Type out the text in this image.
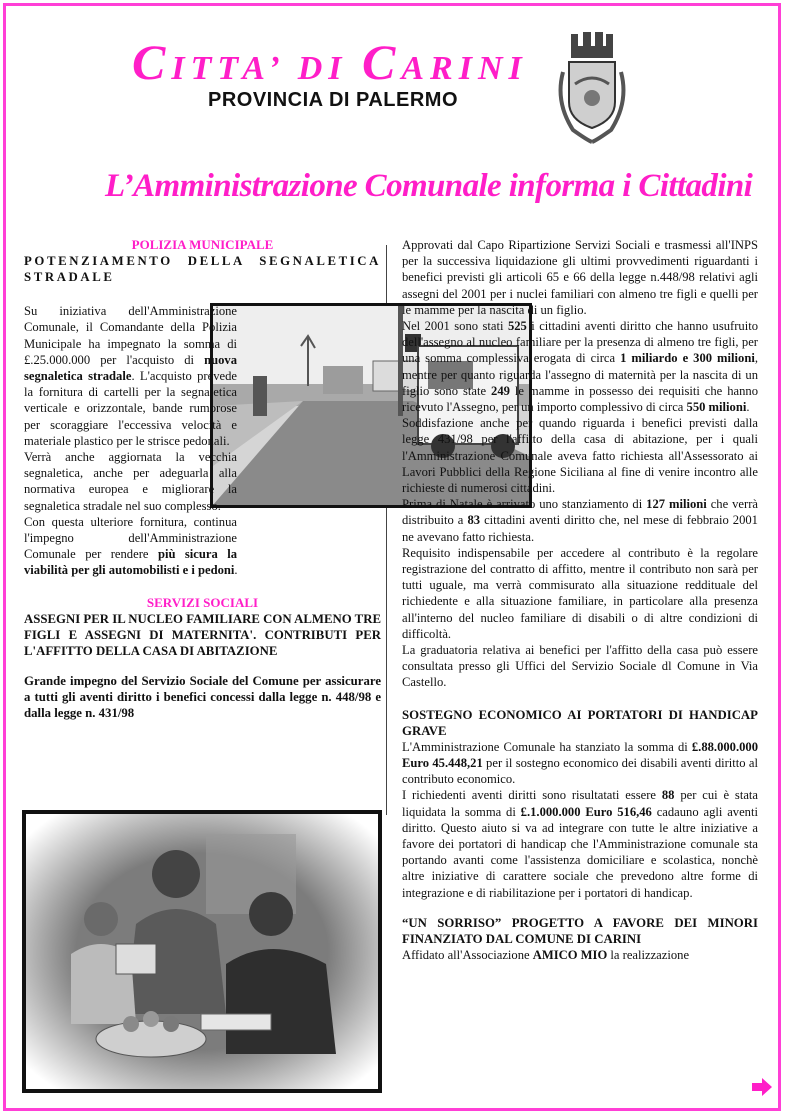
CITTA’ DI CARINI
PROVINCIA DI PALERMO
L’Amministrazione Comunale informa i Cittadini

POLIZIA MUNICIPALE

POTENZIAMENTO DELLA SEGNALETICA STRADALE

Su iniziativa dell'Amministrazione Comunale, il Comandante della Polizia Municipale ha impegnato la somma di £.25.000.000 per l'acquisto di nuova segnaletica stradale. L'acquisto prevede la fornitura di cartelli per la segnaletica verticale e orizzontale, bande rumorose per scoraggiare l'eccessiva velocità e materiale plastico per le strisce pedonali.

Verrà anche aggiornata la vecchia segnaletica, anche per adeguarla alla normativa europea e migliorare la segnaletica stradale nel suo complesso.

Con questa ulteriore fornitura, continua l'impegno dell'Amministrazione Comunale per rendere più sicura la viabilità per gli automobilisti e i pedoni.

SERVIZI SOCIALI

ASSEGNI PER IL NUCLEO FAMILIARE CON ALMENO TRE FIGLI E ASSEGNI DI MATERNITA'. CONTRIBUTI PER L'AFFITTO DELLA CASA DI ABITAZIONE

Grande impegno del Servizio Sociale del Comune per assicurare a tutti gli aventi diritto i benefici concessi dalla legge n. 448/98 e dalla legge n. 431/98

Approvati dal Capo Ripartizione Servizi Sociali e trasmessi all'INPS per la successiva liquidazione gli ultimi provvedimenti riguardanti i benefici previsti gli articoli 65 e 66 della legge n.448/98 relativi agli assegni del 2001 per i nuclei familiari con almeno tre figli e quelli per le mamme per la nascita di un figlio.

Nel 2001 sono stati 525 i cittadini aventi diritto che hanno usufruito dell'assegno al nucleo familiare per la presenza di almeno tre figli, per una somma complessiva erogata di circa 1 miliardo e 300 milioni, mentre per quanto riguarda l'assegno di maternità per la nascita di un figlio sono state 249 le mamme in possesso dei requisiti che hanno ricevuto l'Assegno, per un importo complessivo di circa 550 milioni.

Soddisfazione anche per quando riguarda i benefici previsti dalla legge 431/98 per l'affitto della casa di abitazione, per i quali l'Amministrazione Comunale aveva fatto richiesta all'Assessorato ai Lavori Pubblici della Regione Siciliana al fine di venire incontro alle richieste di numerosi cittadini.

Prima di Natale è arrivato uno stanziamento di 127 milioni che verrà distribuito a 83 cittadini aventi diritto che, nel mese di febbraio 2001 ne avevano fatto richiesta.

Requisito indispensabile per accedere al contributo è la regolare registrazione del contratto di affitto, mentre il contributo non sarà per tutti uguale, ma verrà commisurato alla situazione reddituale del richiedente e alla situazione familiare, in particolare alla presenza all'interno del nucleo familiare di disabili o di altre condizioni di difficoltà.

La graduatoria relativa ai benefici per l'affitto della casa può essere consultata presso gli Uffici del Servizio Sociale dl Comune in Via Castello.

SOSTEGNO ECONOMICO AI PORTATORI DI HANDICAP GRAVE

L'Amministrazione Comunale ha stanziato la somma di £.88.000.000 Euro 45.448,21 per il sostegno economico dei disabili aventi diritto al contributo economico.

I richiedenti aventi diritti sono risultatati essere 88 per cui è stata liquidata la somma di £.1.000.000 Euro 516,46 cadauno agli aventi diritto. Questo aiuto si va ad integrare con tutte le altre iniziative a favore dei portatori di handicap che l'Amministrazione comunale sta portando avanti come l'assistenza domiciliare e scolastica, nonchè altre iniziative di carattere sociale che prevedono altre forme di integrazione e di riabilitazione per i portatori di handicap.

“UN SORRISO” PROGETTO A FAVORE DEI MINORI FINANZIATO DAL COMUNE DI CARINI

Affidato all'Associazione AMICO MIO la realizzazione
